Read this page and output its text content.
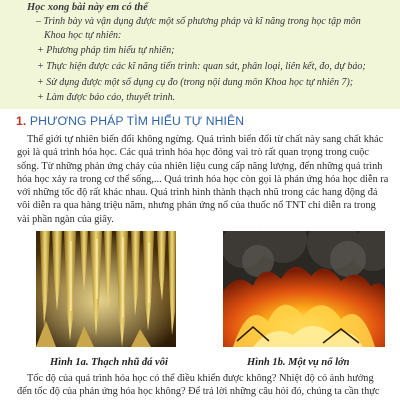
Học xong bài này em có thể
– Trình bày và vận dụng được một số phương pháp và kĩ năng trong học tập môn
Khoa học tự nhiên:
+ Phương pháp tìm hiểu tự nhiên;
+ Thực hiện được các kĩ năng tiến trình: quan sát, phân loại, liên kết, đo, dự báo;
+ Sử dụng được một số dụng cụ đo (trong nội dung môn Khoa học tự nhiên 7);
+ Làm được báo cáo, thuyết trình.
1. PHƯƠNG PHÁP TÌM HIỂU TỰ NHIÊN
Thế giới tự nhiên biến đổi không ngừng. Quá trình biến đổi từ chất này sang chất khác
gọi là quá trình hóa học. Các quá trình hóa học đóng vai trò rất quan trọng trong cuộc
sống. Từ những phản ứng cháy của nhiên liệu cung cấp năng lượng, đến những quá trình
hóa học xảy ra trong cơ thể sống,... Quá trình hóa học còn gọi là phản ứng hóa học diễn ra
với những tốc độ rất khác nhau. Quá trình hình thành thạch nhũ trong các hang động đá
vôi diễn ra qua hàng triệu năm, nhưng phản ứng nổ của thuốc nổ TNT chỉ diễn ra trong
vài phần ngàn của giây.
Hình 1a. Thạch nhũ đá vôi	Hình 1b. Một vụ nổ lớn
Tốc độ của quá trình hóa học có thể điều khiển được không? Nhiệt độ có ảnh hưởng
đến tốc độ của phản ứng hóa học không? Để trả lời những câu hỏi đó, chúng ta cần thực
